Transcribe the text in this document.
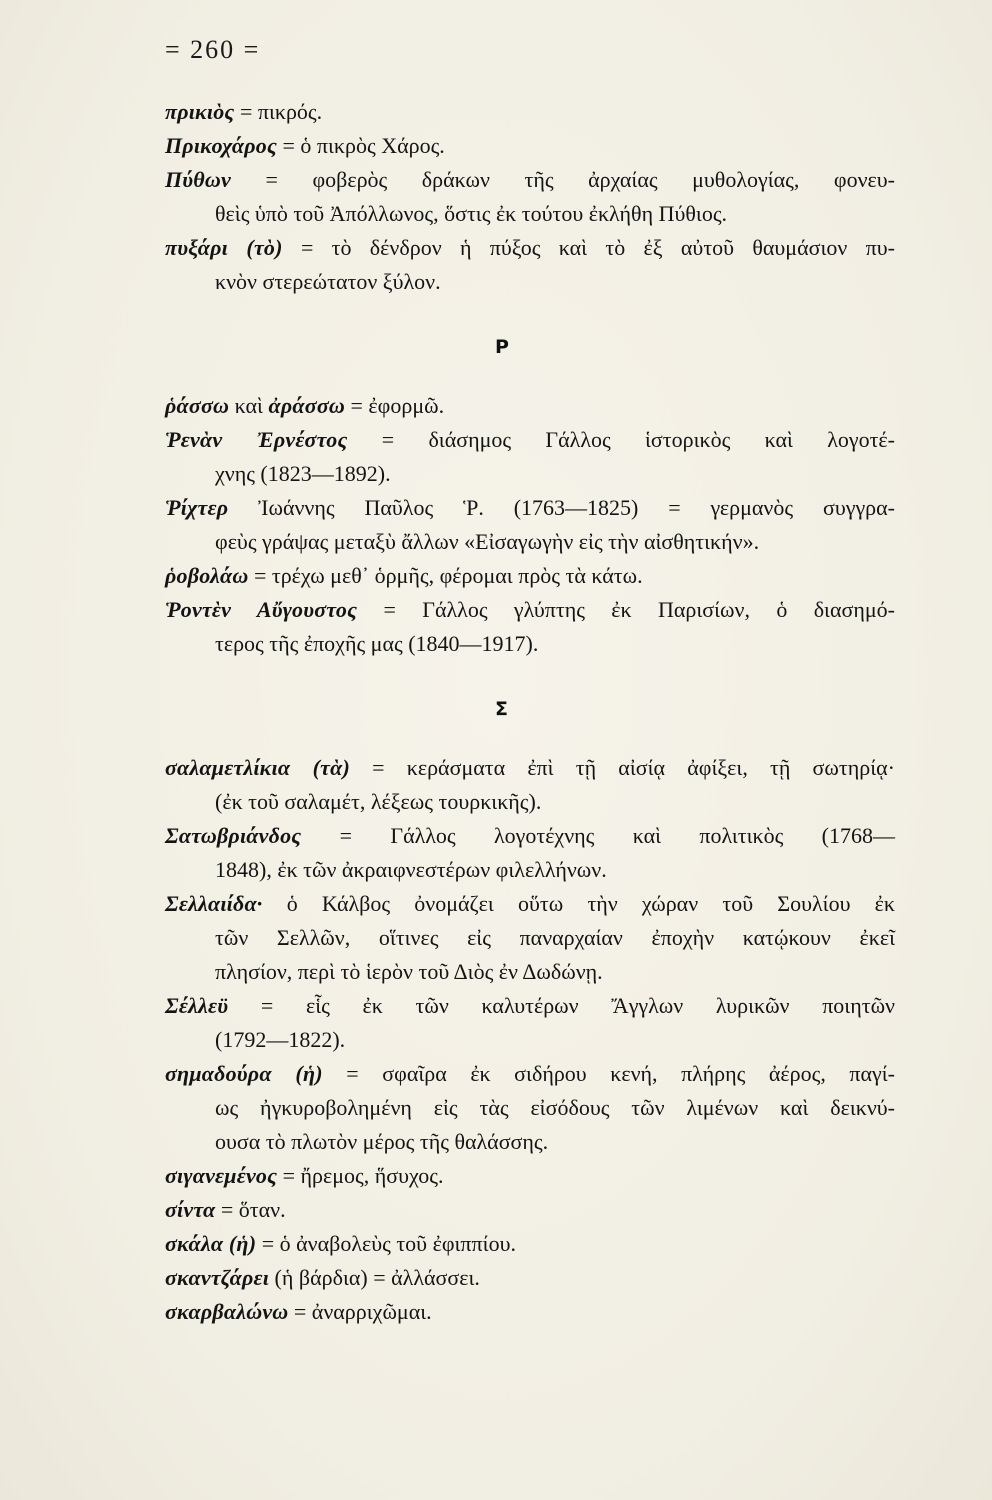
= 260 =
πρικιὸς = πικρός.
Πρικοχάρος = ὁ πικρὸς Χάρος.
Πύθων = φοβερὸς δράκων τῆς ἀρχαίας μυθολογίας, φονευ-
θεὶς ὑπὸ τοῦ Ἀπόλλωνος, ὅστις ἐκ τούτου ἐκλήθη Πύθιος.
πυξάρι (τὸ) = τὸ δένδρον ἡ πύξος καὶ τὸ ἐξ αὐτοῦ θαυμάσιον πυ-
κνὸν στερεώτατον ξύλον.
Ρ
ῥάσσω καὶ ἀράσσω = ἐφορμῶ.
Ῥενὰν Ἐρνέστος = διάσημος Γάλλος ἱστορικὸς καὶ λογοτέ-
χνης (1823—1892).
Ῥίχτερ Ἰωάννης Παῦλος Ῥ. (1763—1825) = γερμανὸς συγγρα-
φεὺς γράψας μεταξὺ ἄλλων «Εἰσαγωγὴν εἰς τὴν αἰσθητικήν».
ῥοβολάω = τρέχω μεθ᾽ ὁρμῆς, φέρομαι πρὸς τὰ κάτω.
Ῥοντὲν Αὔγουστος = Γάλλος γλύπτης ἐκ Παρισίων, ὁ διασημό-
τερος τῆς ἐποχῆς μας (1840—1917).
Σ
σαλαμετλίκια (τὰ) = κεράσματα ἐπὶ τῇ αἰσίᾳ ἀφίξει, τῇ σωτηρίᾳ·
(ἐκ τοῦ σαλαμέτ, λέξεως τουρκικῆς).
Σατωβριάνδος = Γάλλος λογοτέχνης καὶ πολιτικὸς (1768—
1848), ἐκ τῶν ἀκραιφνεστέρων φιλελλήνων.
Σελλαιίδα· ὁ Κάλβος ὀνομάζει οὕτω τὴν χώραν τοῦ Σουλίου ἐκ
τῶν Σελλῶν, οἵτινες εἰς παναρχαίαν ἐποχὴν κατῴκουν ἐκεῖ
πλησίον, περὶ τὸ ἱερὸν τοῦ Διὸς ἐν Δωδώνῃ.
Σέλλεϋ = εἷς ἐκ τῶν καλυτέρων Ἄγγλων λυρικῶν ποιητῶν
(1792—1822).
σημαδούρα (ἡ) = σφαῖρα ἐκ σιδήρου κενή, πλήρης ἀέρος, παγί-
ως ἠγκυροβολημένη εἰς τὰς εἰσόδους τῶν λιμένων καὶ δεικνύ-
ουσα τὸ πλωτὸν μέρος τῆς θαλάσσης.
σιγανεμένος = ἤρεμος, ἥσυχος.
σίντα = ὅταν.
σκάλα (ἡ) = ὁ ἀναβολεὺς τοῦ ἐφιππίου.
σκαντζάρει (ἡ βάρδια) = ἀλλάσσει.
σκαρβαλώνω = ἀναρριχῶμαι.
